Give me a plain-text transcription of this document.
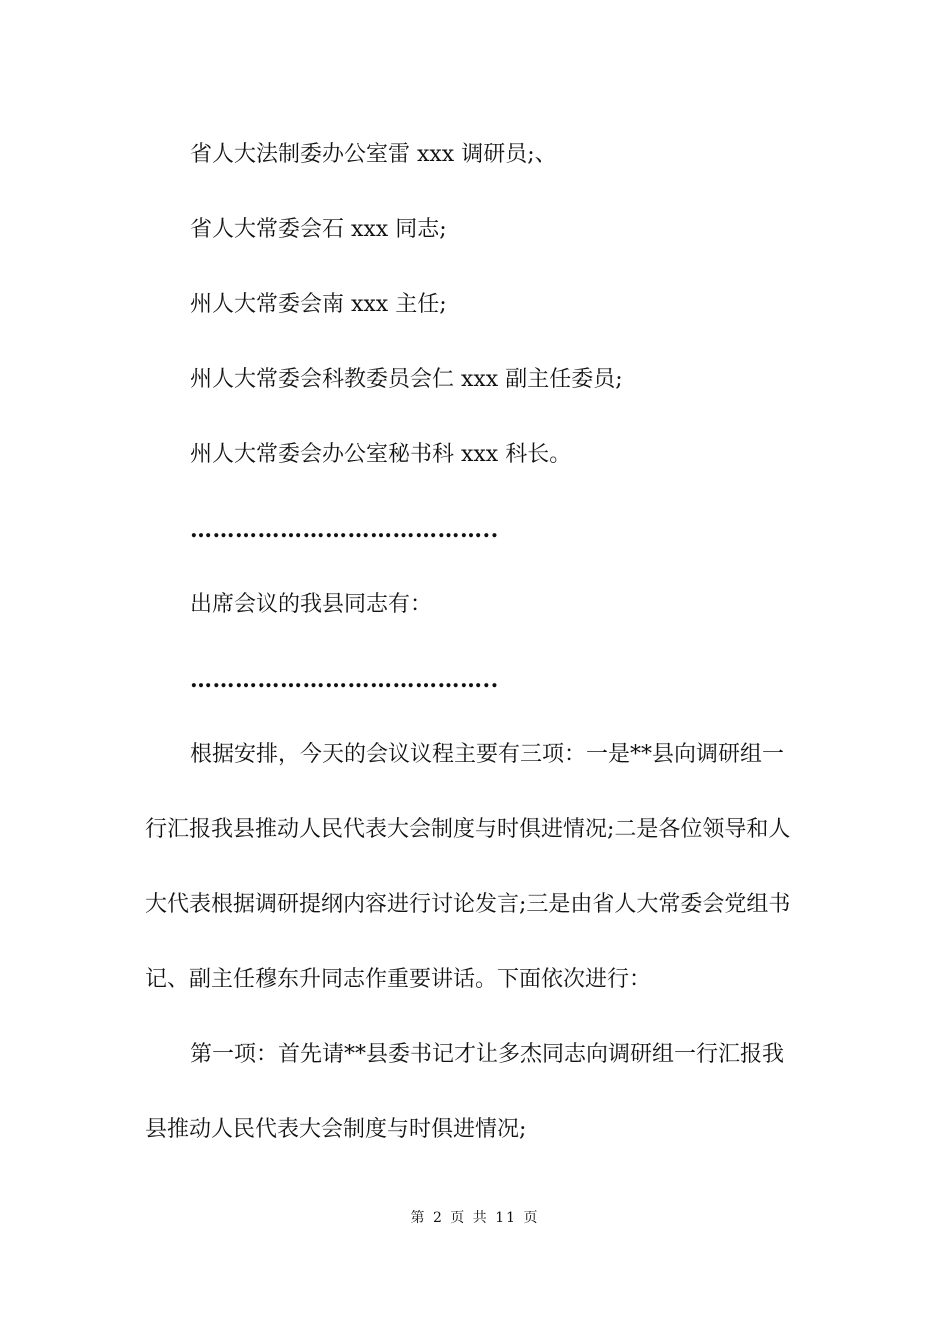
省人大法制委办公室雷 xxx 调研员;、
省人大常委会石 xxx 同志;
州人大常委会南 xxx 主任;
州人大常委会科教委员会仁 xxx 副主任委员;
州人大常委会办公室秘书科 xxx 科长。
…………………………………..
出席会议的我县同志有：
…………………………………..
根据安排，今天的会议议程主要有三项：一是**县向调研组一
行汇报我县推动人民代表大会制度与时俱进情况;二是各位领导和人
大代表根据调研提纲内容进行讨论发言;三是由省人大常委会党组书
记、副主任穆东升同志作重要讲话。下面依次进行：
第一项：首先请**县委书记才让多杰同志向调研组一行汇报我
县推动人民代表大会制度与时俱进情况;
第 2 页 共 11 页
